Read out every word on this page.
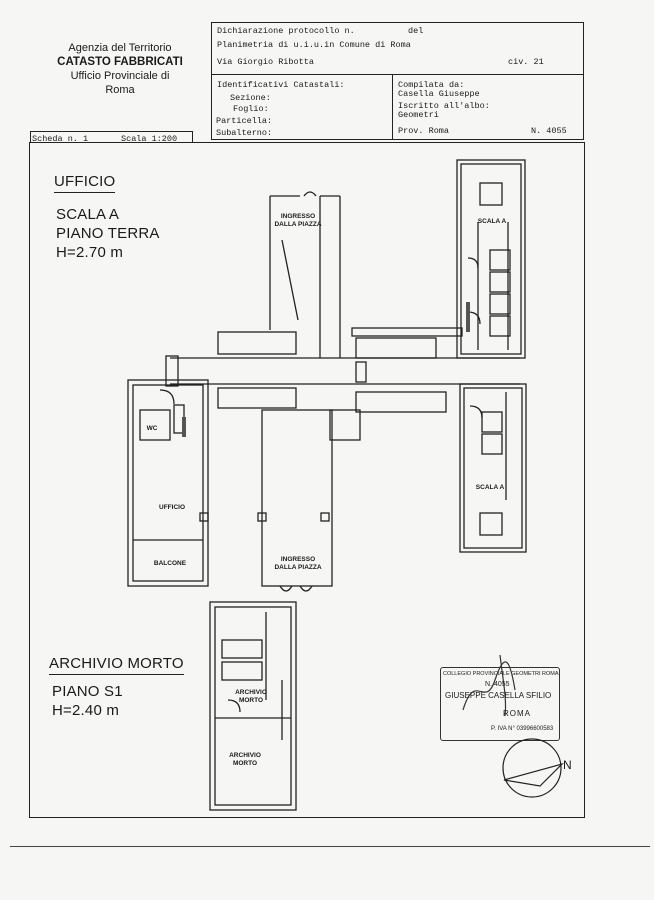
Agenzia del Territorio
CATASTO FABBRICATI
Ufficio Provinciale di
Roma
Dichiarazione protocollo n.	del
Planimetria di u.i.u.in Comune di Roma
Via Giorgio Ribotta	civ. 21
Identificativi Catastali:
Sezione:
Foglio:
Particella:
Subalterno:
Compilata da:
Casella Giuseppe
Iscritto all'albo:
Geometri
Prov. Roma	N. 4055
Scheda n. 1	Scala 1:200
UFFICIO
SCALA A
PIANO TERRA
H=2.70 m
ARCHIVIO MORTO
PIANO S1
H=2.40 m
INGRESSO
DALLA PIAZZA
INGRESSO
DALLA PIAZZA
SCALA A
SCALA A
WC
UFFICIO
BALCONE
ARCHIVIO
MORTO
ARCHIVIO
MORTO
COLLEGIO PROVINCIALE GEOMETRI ROMA
N. 4055
GIUSEPPE CASELLA SFILIO
ROMA
P. IVA N° 03996600583
N
